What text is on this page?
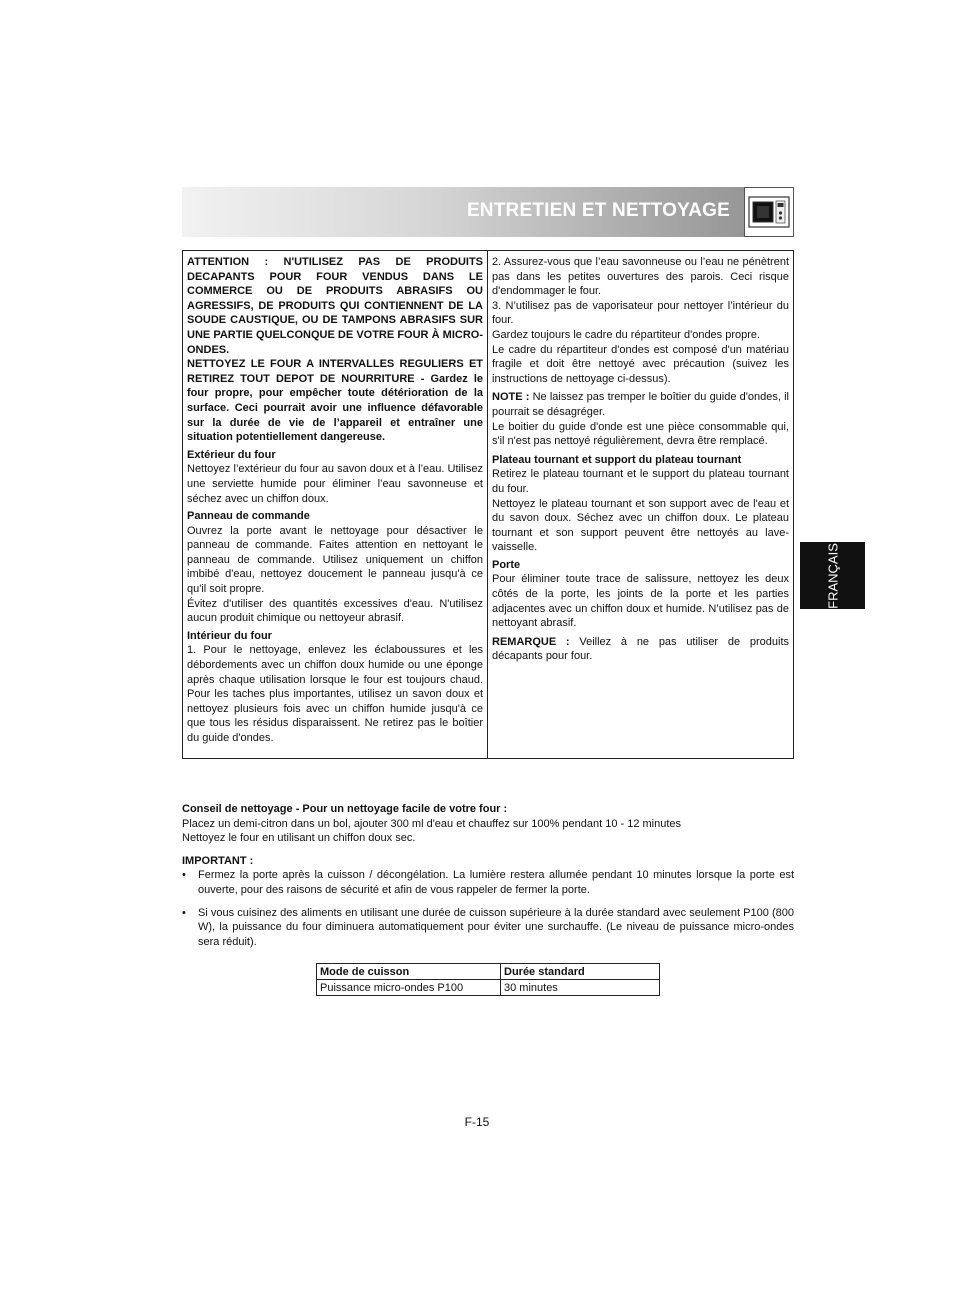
ENTRETIEN ET NETTOYAGE
FRANÇAIS

ATTENTION : N'UTILISEZ PAS DE PRODUITS DECAPANTS POUR FOUR VENDUS DANS LE COMMERCE OU DE PRODUITS ABRASIFS OU AGRESSIFS, DE PRODUITS QUI CONTIENNENT DE LA SOUDE CAUSTIQUE, OU DE TAMPONS ABRASIFS SUR UNE PARTIE QUELCONQUE DE VOTRE FOUR À MICRO-ONDES.

NETTOYEZ LE FOUR A INTERVALLES REGULIERS ET RETIREZ TOUT DEPOT DE NOURRITURE - Gardez le four propre, pour empêcher toute détérioration de la surface. Ceci pourrait avoir une influence défavorable sur la durée de vie de l’appareil et entraîner une situation potentiellement dangereuse.

Extérieur du four

Nettoyez l’extérieur du four au savon doux et à l’eau. Utilisez une serviette humide pour éliminer l’eau savonneuse et séchez avec un chiffon doux.

Panneau de commande

Ouvrez la porte avant le nettoyage pour désactiver le panneau de commande. Faites attention en nettoyant le panneau de commande. Utilisez uniquement un chiffon imbibé d'eau, nettoyez doucement le panneau jusqu'à ce qu'il soit propre.

Évitez d'utiliser des quantités excessives d'eau. N'utilisez aucun produit chimique ou nettoyeur abrasif.

Intérieur du four

1. Pour le nettoyage, enlevez les éclaboussures et les débordements avec un chiffon doux humide ou une éponge après chaque utilisation lorsque le four est toujours chaud. Pour les taches plus importantes, utilisez un savon doux et nettoyez plusieurs fois avec un chiffon humide jusqu'à ce que tous les résidus disparaissent. Ne retirez pas le boîtier du guide d'ondes.

2. Assurez-vous que l’eau savonneuse ou l’eau ne pénètrent pas dans les petites ouvertures des parois. Ceci risque d'endommager le four.

3. N’utilisez pas de vaporisateur pour nettoyer l’intérieur du four.

Gardez toujours le cadre du répartiteur d'ondes propre.

Le cadre du répartiteur d'ondes est composé d'un matériau fragile et doit être nettoyé avec précaution (suivez les instructions de nettoyage ci-dessus).

NOTE : Ne laissez pas tremper le boîtier du guide d'ondes, il pourrait se désagréger.

Le boitier du guide d'onde est une pièce consommable qui, s'il n'est pas nettoyé régulièrement, devra être remplacé.

Plateau tournant et support du plateau tournant

Retirez le plateau tournant et le support du plateau tournant du four.

Nettoyez le plateau tournant et son support avec de l'eau et du savon doux. Séchez avec un chiffon doux. Le plateau tournant et son support peuvent être nettoyés au lave-vaisselle.

Porte

Pour éliminer toute trace de salissure, nettoyez les deux côtés de la porte, les joints de la porte et les parties adjacentes avec un chiffon doux et humide. N’utilisez pas de nettoyant abrasif.

REMARQUE : Veillez à ne pas utiliser de produits décapants pour four.

Conseil de nettoyage - Pour un nettoyage facile de votre four :

Placez un demi-citron dans un bol, ajouter 300 ml d'eau et chauffez sur 100% pendant 10 - 12 minutes

Nettoyez le four en utilisant un chiffon doux sec.

IMPORTANT :

• Fermez la porte après la cuisson / décongélation. La lumière restera allumée pendant 10 minutes lorsque la porte est ouverte, pour des raisons de sécurité et afin de vous rappeler de fermer la porte.
• Si vous cuisinez des aliments en utilisant une durée de cuisson supérieure à la durée standard avec seulement P100 (800 W), la puissance du four diminuera automatiquement pour éviter une surchauffe. (Le niveau de puissance micro-ondes sera réduit).
Mode de cuisson	Durée standard
Puissance micro-ondes P100	30 minutes
F-15
